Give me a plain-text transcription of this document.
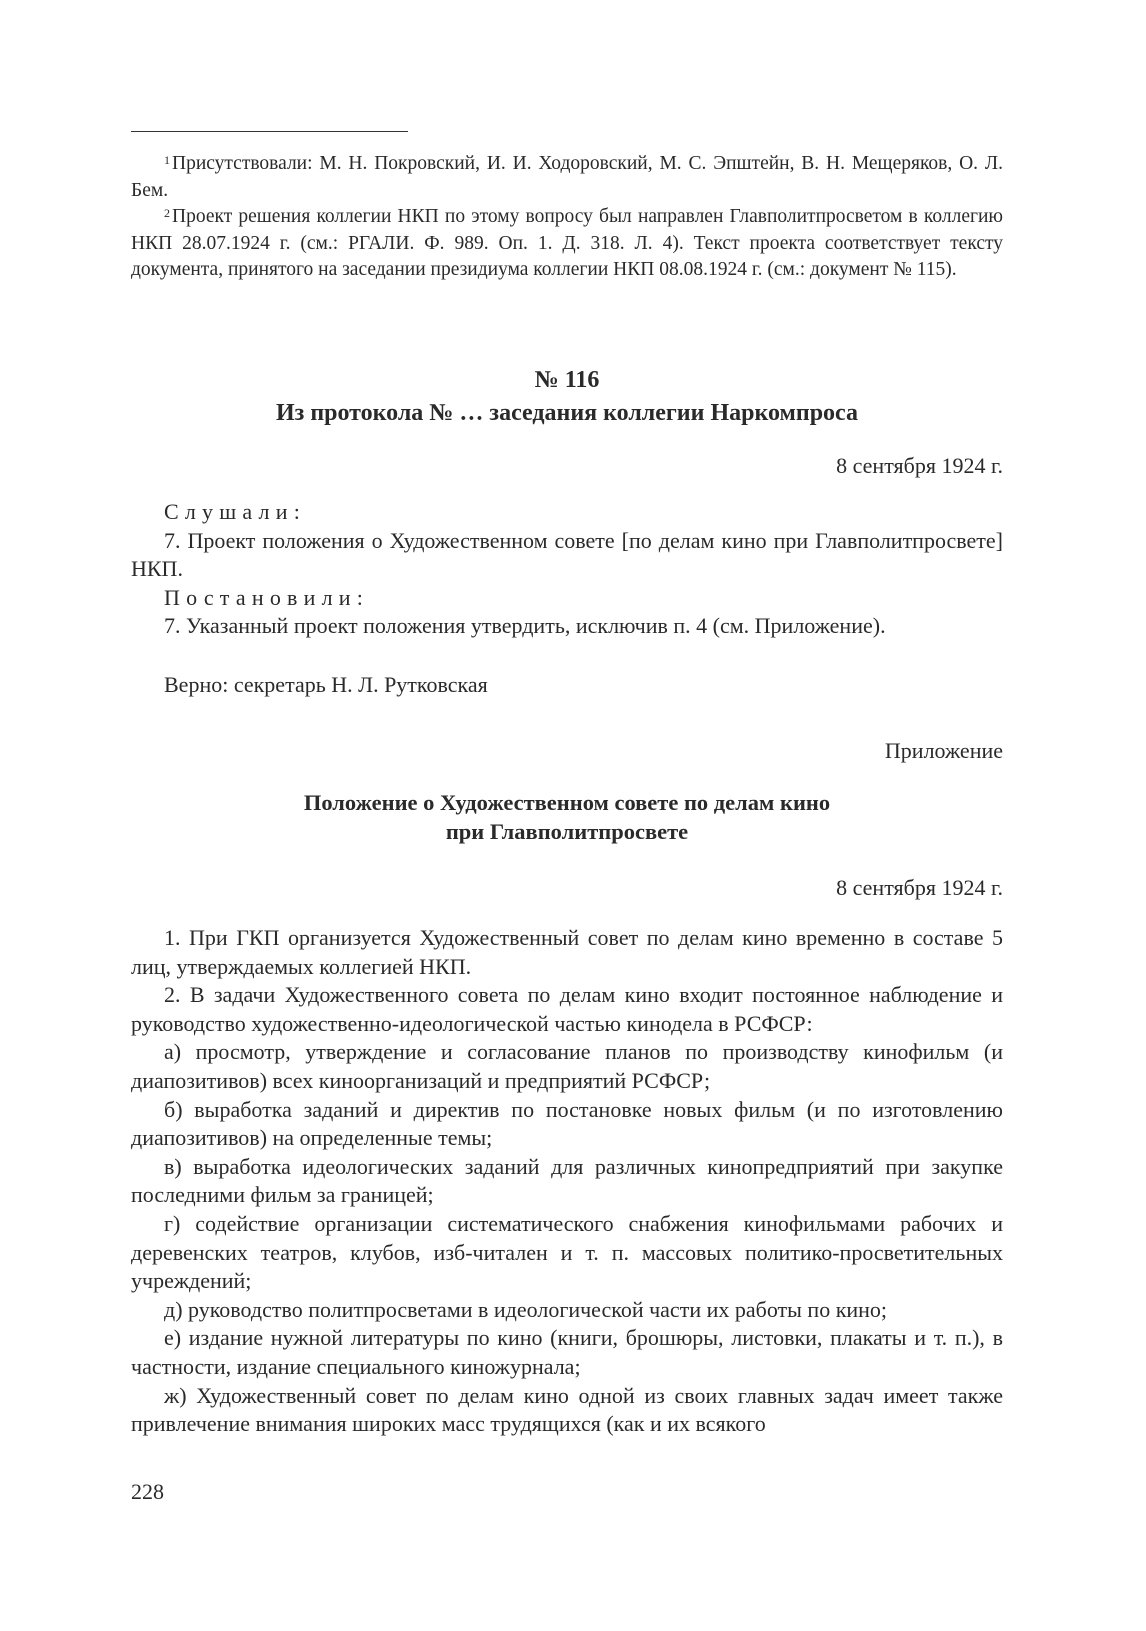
$^1$ Присутствовали: М. Н. Покровский, И. И. Ходоровский, М. С. Эпштейн, В. Н. Мещеряков, О. Л. Бем.

$^2$ Проект решения коллегии НКП по этому вопросу был направлен Главполитпросветом в коллегию НКП 28.07.1924 г. (см.: РГАЛИ. Ф. 989. Оп. 1. Д. 318. Л. 4). Текст проекта соответствует тексту документа, принятого на заседании президиума коллегии НКП 08.08.1924 г. (см.: документ № 115).

№ 116
Из протокола № … заседания коллегии Наркомпроса
8 сентября 1924 г.

Слушали:

7. Проект положения о Художественном совете [по делам кино при Главполитпросвете] НКП.

Постановили:

7. Указанный проект положения утвердить, исключив п. 4 (см. Приложение).

Верно: секретарь Н. Л. Рутковская

Приложение
Положение о Художественном совете по делам кино
при Главполитпросвете
8 сентября 1924 г.

1. При ГКП организуется Художественный совет по делам кино временно в составе 5 лиц, утверждаемых коллегией НКП.

2. В задачи Художественного совета по делам кино входит постоянное наблюдение и руководство художественно-идеологической частью кинодела в РСФСР:

а) просмотр, утверждение и согласование планов по производству кинофильм (и диапозитивов) всех киноорганизаций и предприятий РСФСР;

б) выработка заданий и директив по постановке новых фильм (и по изготовлению диапозитивов) на определенные темы;

в) выработка идеологических заданий для различных кинопредприятий при закупке последними фильм за границей;

г) содействие организации систематического снабжения кинофильмами рабочих и деревенских театров, клубов, изб-читален и т. п. массовых политико-просветительных учреждений;

д) руководство политпросветами в идеологической части их работы по кино;

е) издание нужной литературы по кино (книги, брошюры, листовки, плакаты и т. п.), в частности, издание специального киножурнала;

ж) Художественный совет по делам кино одной из своих главных задач имеет также привлечение внимания широких масс трудящихся (как и их всякого

228
